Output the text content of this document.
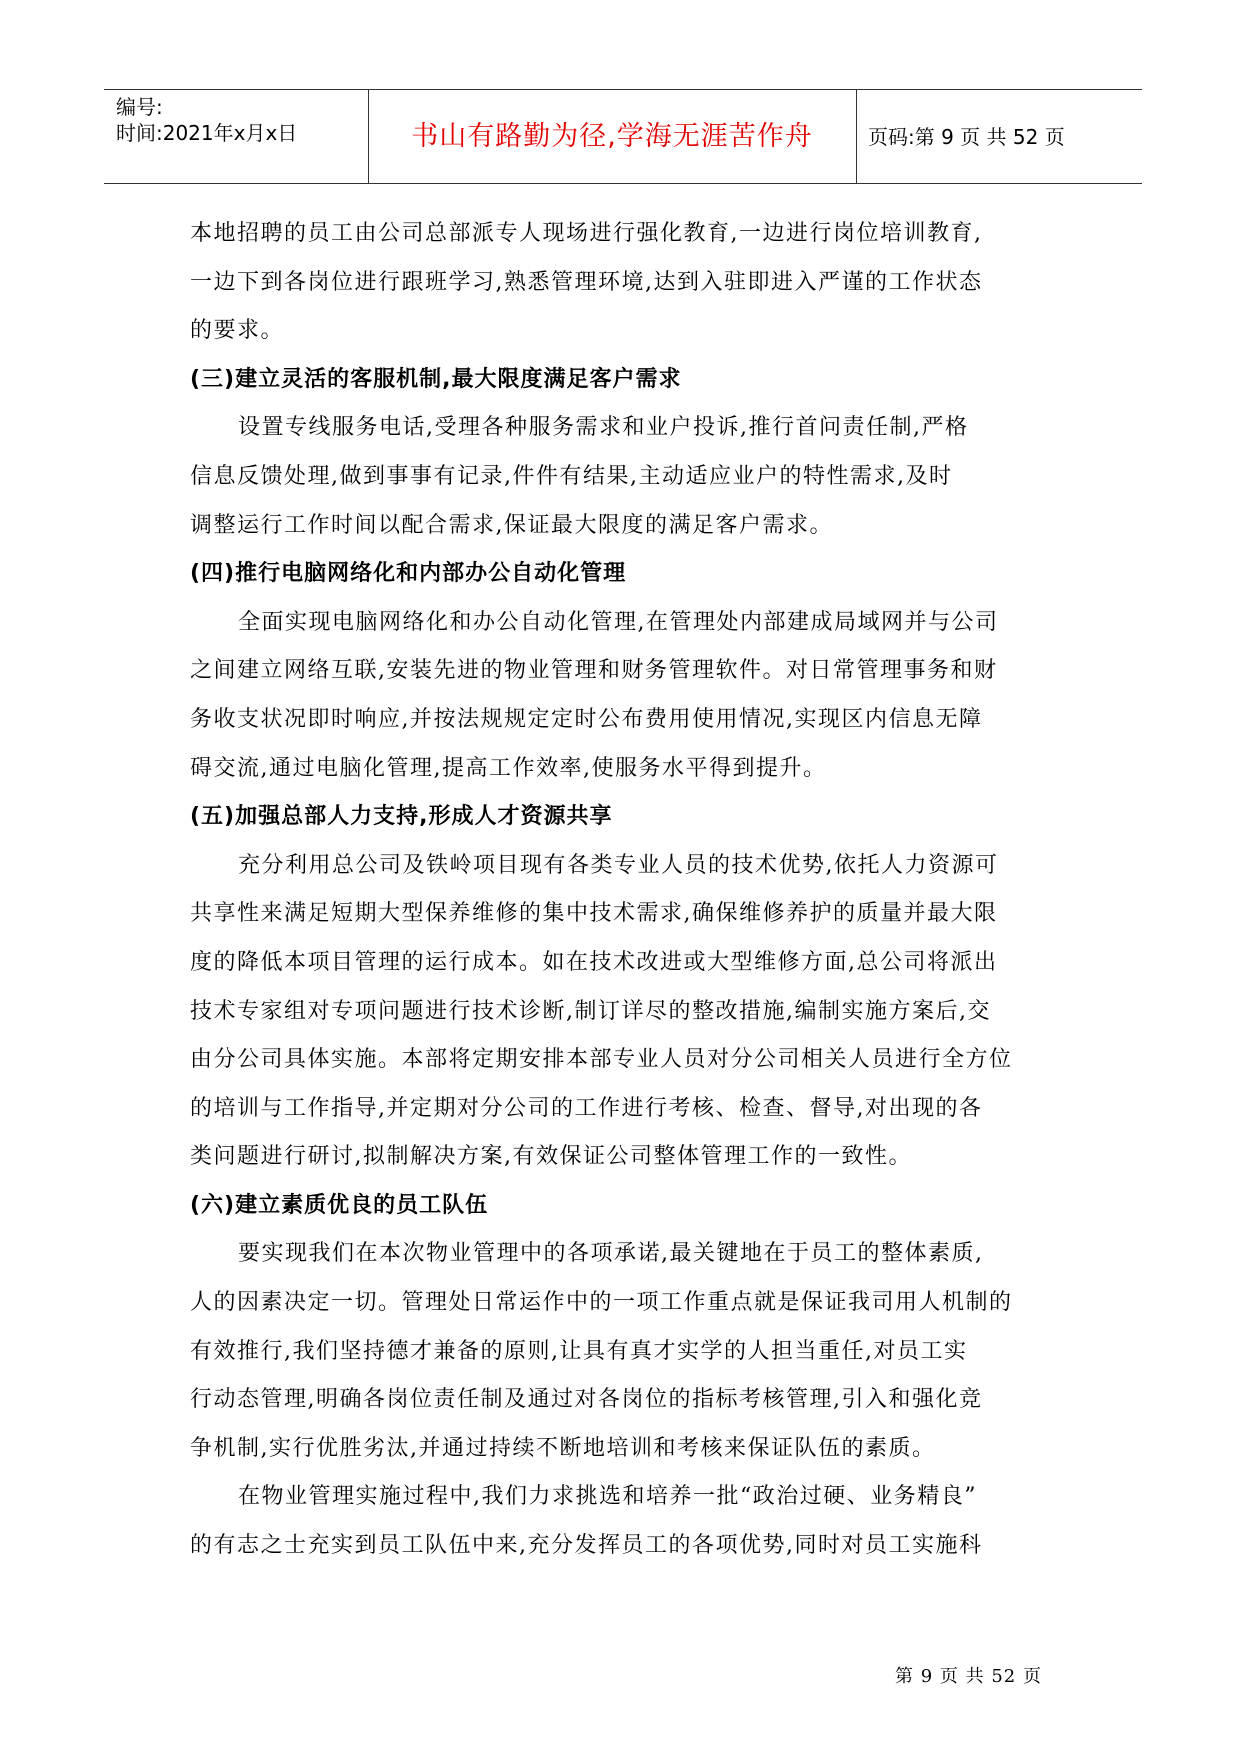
编号:
时间:2021年x月x日	书山有路勤为径,学海无涯苦作舟	页码:第 9 页 共 52 页
本地招聘的员工由公司总部派专人现场进行强化教育,一边进行岗位培训教育,
一边下到各岗位进行跟班学习,熟悉管理环境,达到入驻即进入严谨的工作状态
的要求。
(三)建立灵活的客服机制,最大限度满足客户需求
设置专线服务电话,受理各种服务需求和业户投诉,推行首问责任制,严格
信息反馈处理,做到事事有记录,件件有结果,主动适应业户的特性需求,及时
调整运行工作时间以配合需求,保证最大限度的满足客户需求。
(四)推行电脑网络化和内部办公自动化管理
全面实现电脑网络化和办公自动化管理,在管理处内部建成局域网并与公司
之间建立网络互联,安装先进的物业管理和财务管理软件。对日常管理事务和财
务收支状况即时响应,并按法规规定定时公布费用使用情况,实现区内信息无障
碍交流,通过电脑化管理,提高工作效率,使服务水平得到提升。
(五)加强总部人力支持,形成人才资源共享
充分利用总公司及铁岭项目现有各类专业人员的技术优势,依托人力资源可
共享性来满足短期大型保养维修的集中技术需求,确保维修养护的质量并最大限
度的降低本项目管理的运行成本。如在技术改进或大型维修方面,总公司将派出
技术专家组对专项问题进行技术诊断,制订详尽的整改措施,编制实施方案后,交
由分公司具体实施。本部将定期安排本部专业人员对分公司相关人员进行全方位
的培训与工作指导,并定期对分公司的工作进行考核、检查、督导,对出现的各
类问题进行研讨,拟制解决方案,有效保证公司整体管理工作的一致性。
(六)建立素质优良的员工队伍
要实现我们在本次物业管理中的各项承诺,最关键地在于员工的整体素质,
人的因素决定一切。管理处日常运作中的一项工作重点就是保证我司用人机制的
有效推行,我们坚持德才兼备的原则,让具有真才实学的人担当重任,对员工实
行动态管理,明确各岗位责任制及通过对各岗位的指标考核管理,引入和强化竞
争机制,实行优胜劣汰,并通过持续不断地培训和考核来保证队伍的素质。
在物业管理实施过程中,我们力求挑选和培养一批“政治过硬、业务精良”
的有志之士充实到员工队伍中来,充分发挥员工的各项优势,同时对员工实施科
第 9 页 共 52 页
